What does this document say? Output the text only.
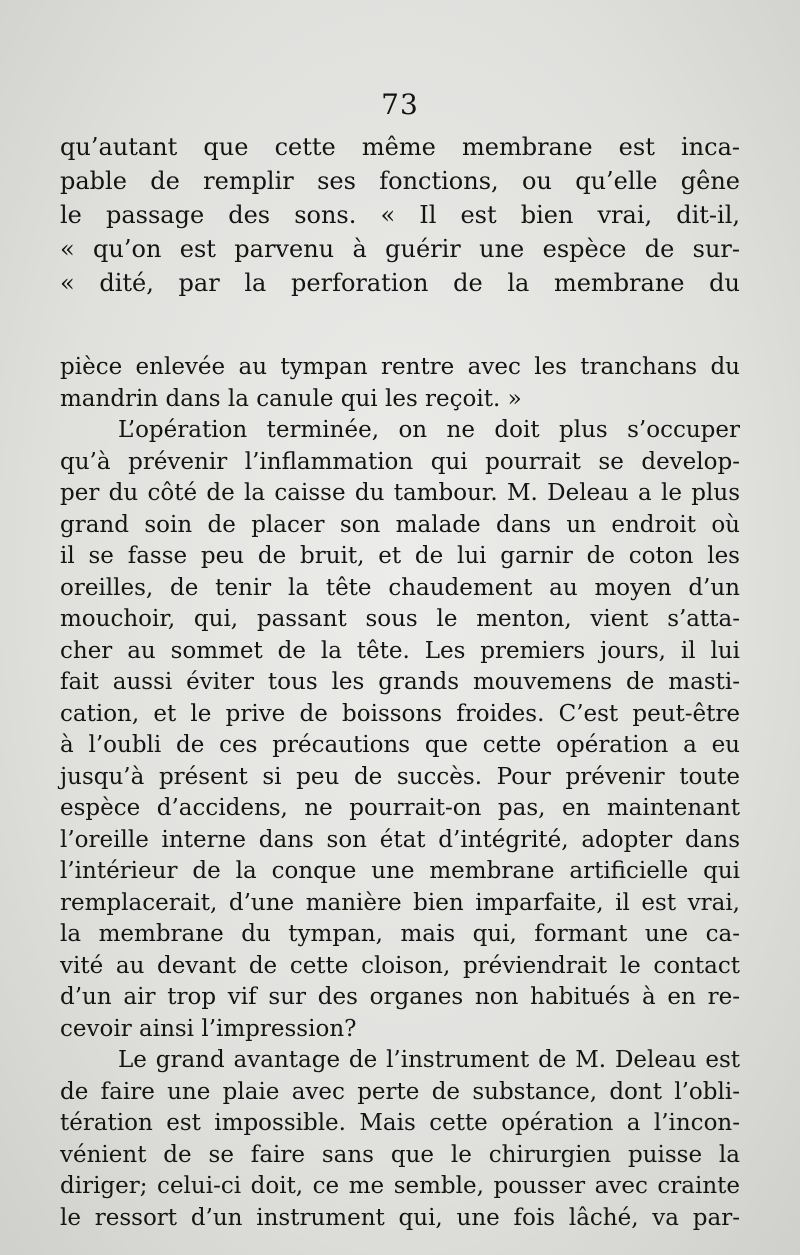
73
qu’autant que cette même membrane est inca-
pable de remplir ses fonctions, ou qu’elle gêne
le passage des sons. « Il est bien vrai, dit-il,
« qu’on est parvenu à guérir une espèce de sur-
« dité, par la perforation de la membrane du
pièce enlevée au tympan rentre avec les tranchans du
mandrin dans la canule qui les reçoit. »
L’opération terminée, on ne doit plus s’occuper
qu’à prévenir l’inflammation qui pourrait se develop-
per du côté de la caisse du tambour. M. Deleau a le plus
grand soin de placer son malade dans un endroit où
il se fasse peu de bruit, et de lui garnir de coton les
oreilles, de tenir la tête chaudement au moyen d’un
mouchoir, qui, passant sous le menton, vient s’atta-
cher au sommet de la tête. Les premiers jours, il lui
fait aussi éviter tous les grands mouvemens de masti-
cation, et le prive de boissons froides. C’est peut-être
à l’oubli de ces précautions que cette opération a eu
jusqu’à présent si peu de succès. Pour prévenir toute
espèce d’accidens, ne pourrait-on pas, en maintenant
l’oreille interne dans son état d’intégrité, adopter dans
l’intérieur de la conque une membrane artificielle qui
remplacerait, d’une manière bien imparfaite, il est vrai,
la membrane du tympan, mais qui, formant une ca-
vité au devant de cette cloison, préviendrait le contact
d’un air trop vif sur des organes non habitués à en re-
cevoir ainsi l’impression?
Le grand avantage de l’instrument de M. Deleau est
de faire une plaie avec perte de substance, dont l’obli-
tération est impossible. Mais cette opération a l’incon-
vénient de se faire sans que le chirurgien puisse la
diriger; celui-ci doit, ce me semble, pousser avec crainte
le ressort d’un instrument qui, une fois lâché, va par-
